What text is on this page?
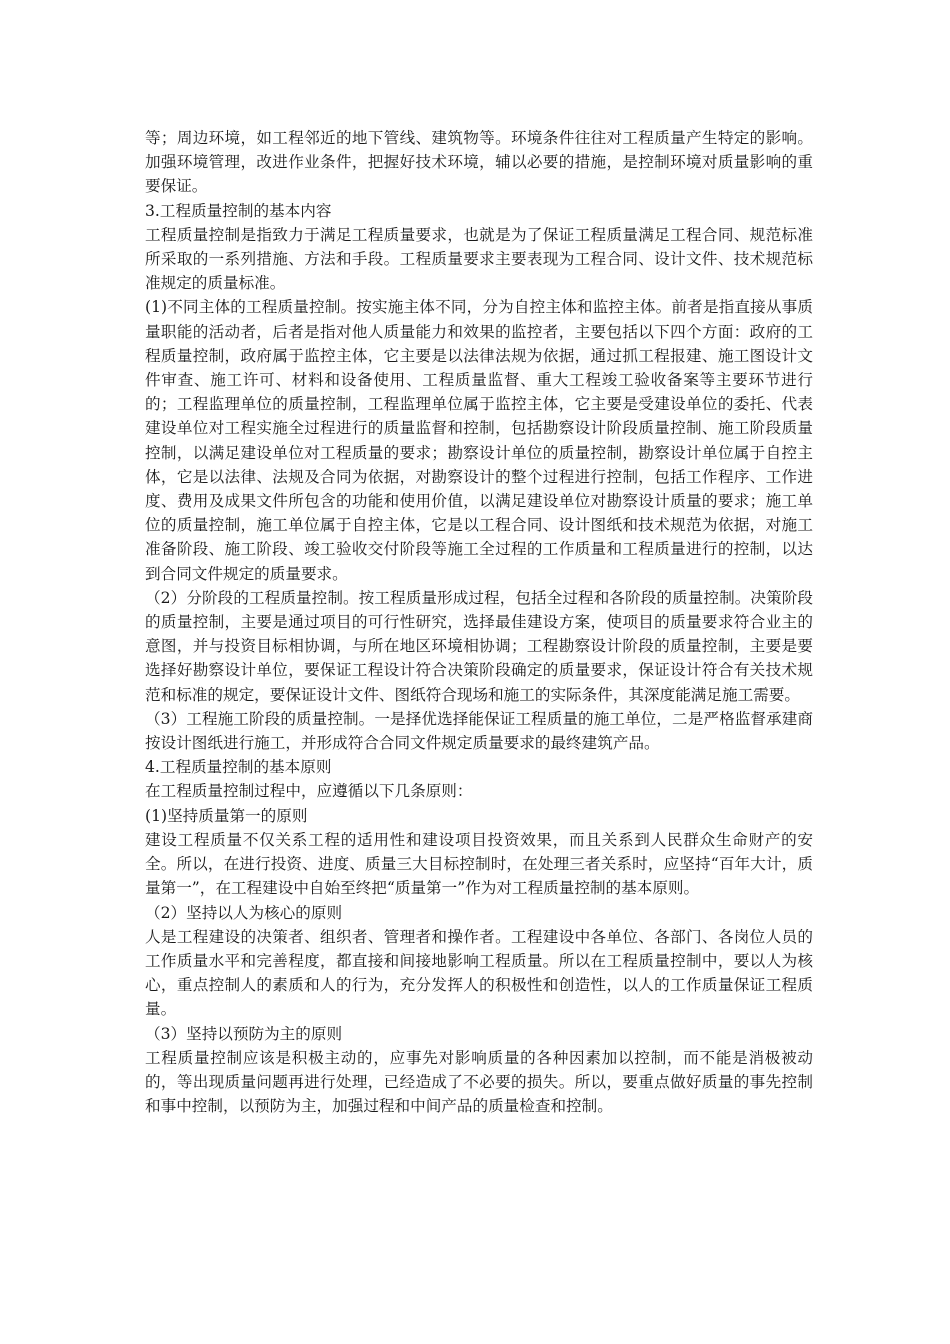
等；周边环境，如工程邻近的地下管线、建筑物等。环境条件往往对工程质量产生特定的影响。加强环境管理，改进作业条件，把握好技术环境，辅以必要的措施，是控制环境对质量影响的重要保证。

3.工程质量控制的基本内容

工程质量控制是指致力于满足工程质量要求，也就是为了保证工程质量满足工程合同、规范标准所采取的一系列措施、方法和手段。工程质量要求主要表现为工程合同、设计文件、技术规范标准规定的质量标准。

(1)不同主体的工程质量控制。按实施主体不同，分为自控主体和监控主体。前者是指直接从事质量职能的活动者，后者是指对他人质量能力和效果的监控者，主要包括以下四个方面：政府的工程质量控制，政府属于监控主体，它主要是以法律法规为依据，通过抓工程报建、施工图设计文件审查、施工许可、材料和设备使用、工程质量监督、重大工程竣工验收备案等主要环节进行的；工程监理单位的质量控制，工程监理单位属于监控主体，它主要是受建设单位的委托、代表建设单位对工程实施全过程进行的质量监督和控制，包括勘察设计阶段质量控制、施工阶段质量控制，以满足建设单位对工程质量的要求；勘察设计单位的质量控制，勘察设计单位属于自控主体，它是以法律、法规及合同为依据，对勘察设计的整个过程进行控制，包括工作程序、工作进度、费用及成果文件所包含的功能和使用价值，以满足建设单位对勘察设计质量的要求；施工单位的质量控制，施工单位属于自控主体，它是以工程合同、设计图纸和技术规范为依据，对施工准备阶段、施工阶段、竣工验收交付阶段等施工全过程的工作质量和工程质量进行的控制，以达到合同文件规定的质量要求。

（2）分阶段的工程质量控制。按工程质量形成过程，包括全过程和各阶段的质量控制。决策阶段的质量控制，主要是通过项目的可行性研究，选择最佳建设方案，使项目的质量要求符合业主的意图，并与投资目标相协调，与所在地区环境相协调；工程勘察设计阶段的质量控制，主要是要选择好勘察设计单位，要保证工程设计符合决策阶段确定的质量要求，保证设计符合有关技术规范和标准的规定，要保证设计文件、图纸符合现场和施工的实际条件，其深度能满足施工需要。

（3）工程施工阶段的质量控制。一是择优选择能保证工程质量的施工单位，二是严格监督承建商按设计图纸进行施工，并形成符合合同文件规定质量要求的最终建筑产品。

4.工程质量控制的基本原则

在工程质量控制过程中，应遵循以下几条原则：

(1)坚持质量第一的原则

建设工程质量不仅关系工程的适用性和建设项目投资效果，而且关系到人民群众生命财产的安全。所以，在进行投资、进度、质量三大目标控制时，在处理三者关系时，应坚持“百年大计，质量第一”，在工程建设中自始至终把“质量第一”作为对工程质量控制的基本原则。

（2）坚持以人为核心的原则

人是工程建设的决策者、组织者、管理者和操作者。工程建设中各单位、各部门、各岗位人员的工作质量水平和完善程度，都直接和间接地影响工程质量。所以在工程质量控制中，要以人为核心，重点控制人的素质和人的行为，充分发挥人的积极性和创造性，以人的工作质量保证工程质量。

（3）坚持以预防为主的原则

工程质量控制应该是积极主动的，应事先对影响质量的各种因素加以控制，而不能是消极被动的，等出现质量问题再进行处理，已经造成了不必要的损失。所以，要重点做好质量的事先控制和事中控制，以预防为主，加强过程和中间产品的质量检查和控制。
